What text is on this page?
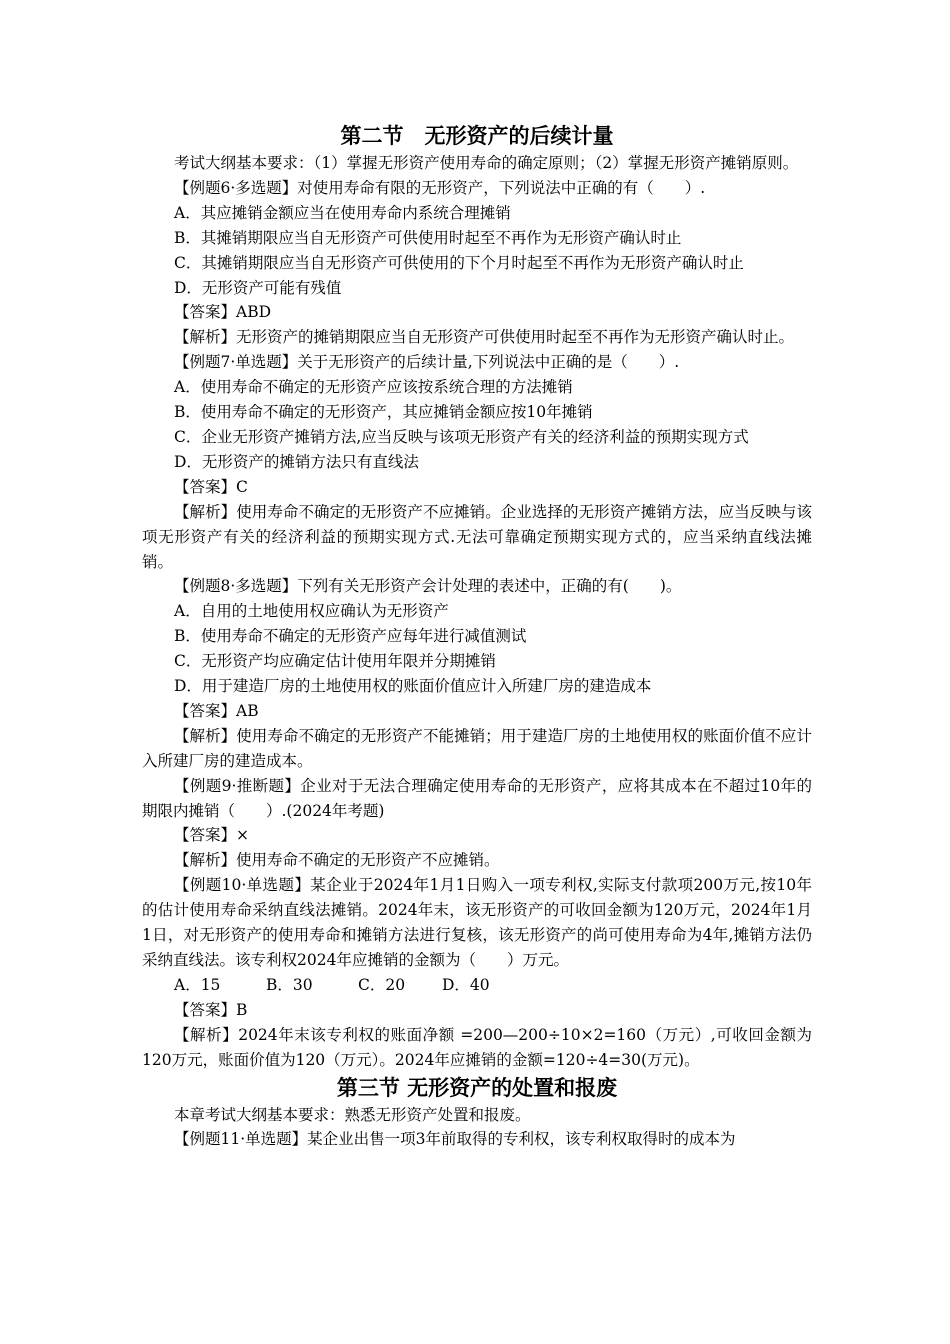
第二节　无形资产的后续计量
考试大纲基本要求：（1）掌握无形资产使用寿命的确定原则；（2）掌握无形资产摊销原则。
【例题6·多选题】对使用寿命有限的无形资产，下列说法中正确的有（　　）.
A．其应摊销金额应当在使用寿命内系统合理摊销
B．其摊销期限应当自无形资产可供使用时起至不再作为无形资产确认时止
C．其摊销期限应当自无形资产可供使用的下个月时起至不再作为无形资产确认时止
D．无形资产可能有残值
【答案】ABD
【解析】无形资产的摊销期限应当自无形资产可供使用时起至不再作为无形资产确认时止。
【例题7·单选题】关于无形资产的后续计量,下列说法中正确的是（　　）.
A．使用寿命不确定的无形资产应该按系统合理的方法摊销
B．使用寿命不确定的无形资产，其应摊销金额应按10年摊销
C．企业无形资产摊销方法,应当反映与该项无形资产有关的经济利益的预期实现方式
D．无形资产的摊销方法只有直线法
【答案】C
【解析】使用寿命不确定的无形资产不应摊销。企业选择的无形资产摊销方法，应当反映与该项无形资产有关的经济利益的预期实现方式.无法可靠确定预期实现方式的，应当采纳直线法摊销。
【例题8·多选题】下列有关无形资产会计处理的表述中，正确的有(　　)。
A．自用的土地使用权应确认为无形资产
B．使用寿命不确定的无形资产应每年进行减值测试
C．无形资产均应确定估计使用年限并分期摊销
D．用于建造厂房的土地使用权的账面价值应计入所建厂房的建造成本
【答案】AB
【解析】使用寿命不确定的无形资产不能摊销；用于建造厂房的土地使用权的账面价值不应计入所建厂房的建造成本。
【例题9·推断题】企业对于无法合理确定使用寿命的无形资产，应将其成本在不超过10年的期限内摊销（　　）.(2024年考题)
【答案】×
【解析】使用寿命不确定的无形资产不应摊销。
【例题10·单选题】某企业于2024年1月1日购入一项专利权,实际支付款项200万元,按10年的估计使用寿命采纳直线法摊销。2024年末，该无形资产的可收回金额为120万元，2024年1月1日，对无形资产的使用寿命和摊销方法进行复核，该无形资产的尚可使用寿命为4年,摊销方法仍采纳直线法。该专利权2024年应摊销的金额为（　　）万元。
A．15	B．30	C．20 D．40
【答案】B
【解析】2024年末该专利权的账面净额 =200—200÷10×2=160（万元）,可收回金额为120万元，账面价值为120（万元）。2024年应摊销的金额=120÷4=30(万元)。
第三节 无形资产的处置和报废
本章考试大纲基本要求：熟悉无形资产处置和报废。
【例题11·单选题】某企业出售一项3年前取得的专利权，该专利权取得时的成本为
